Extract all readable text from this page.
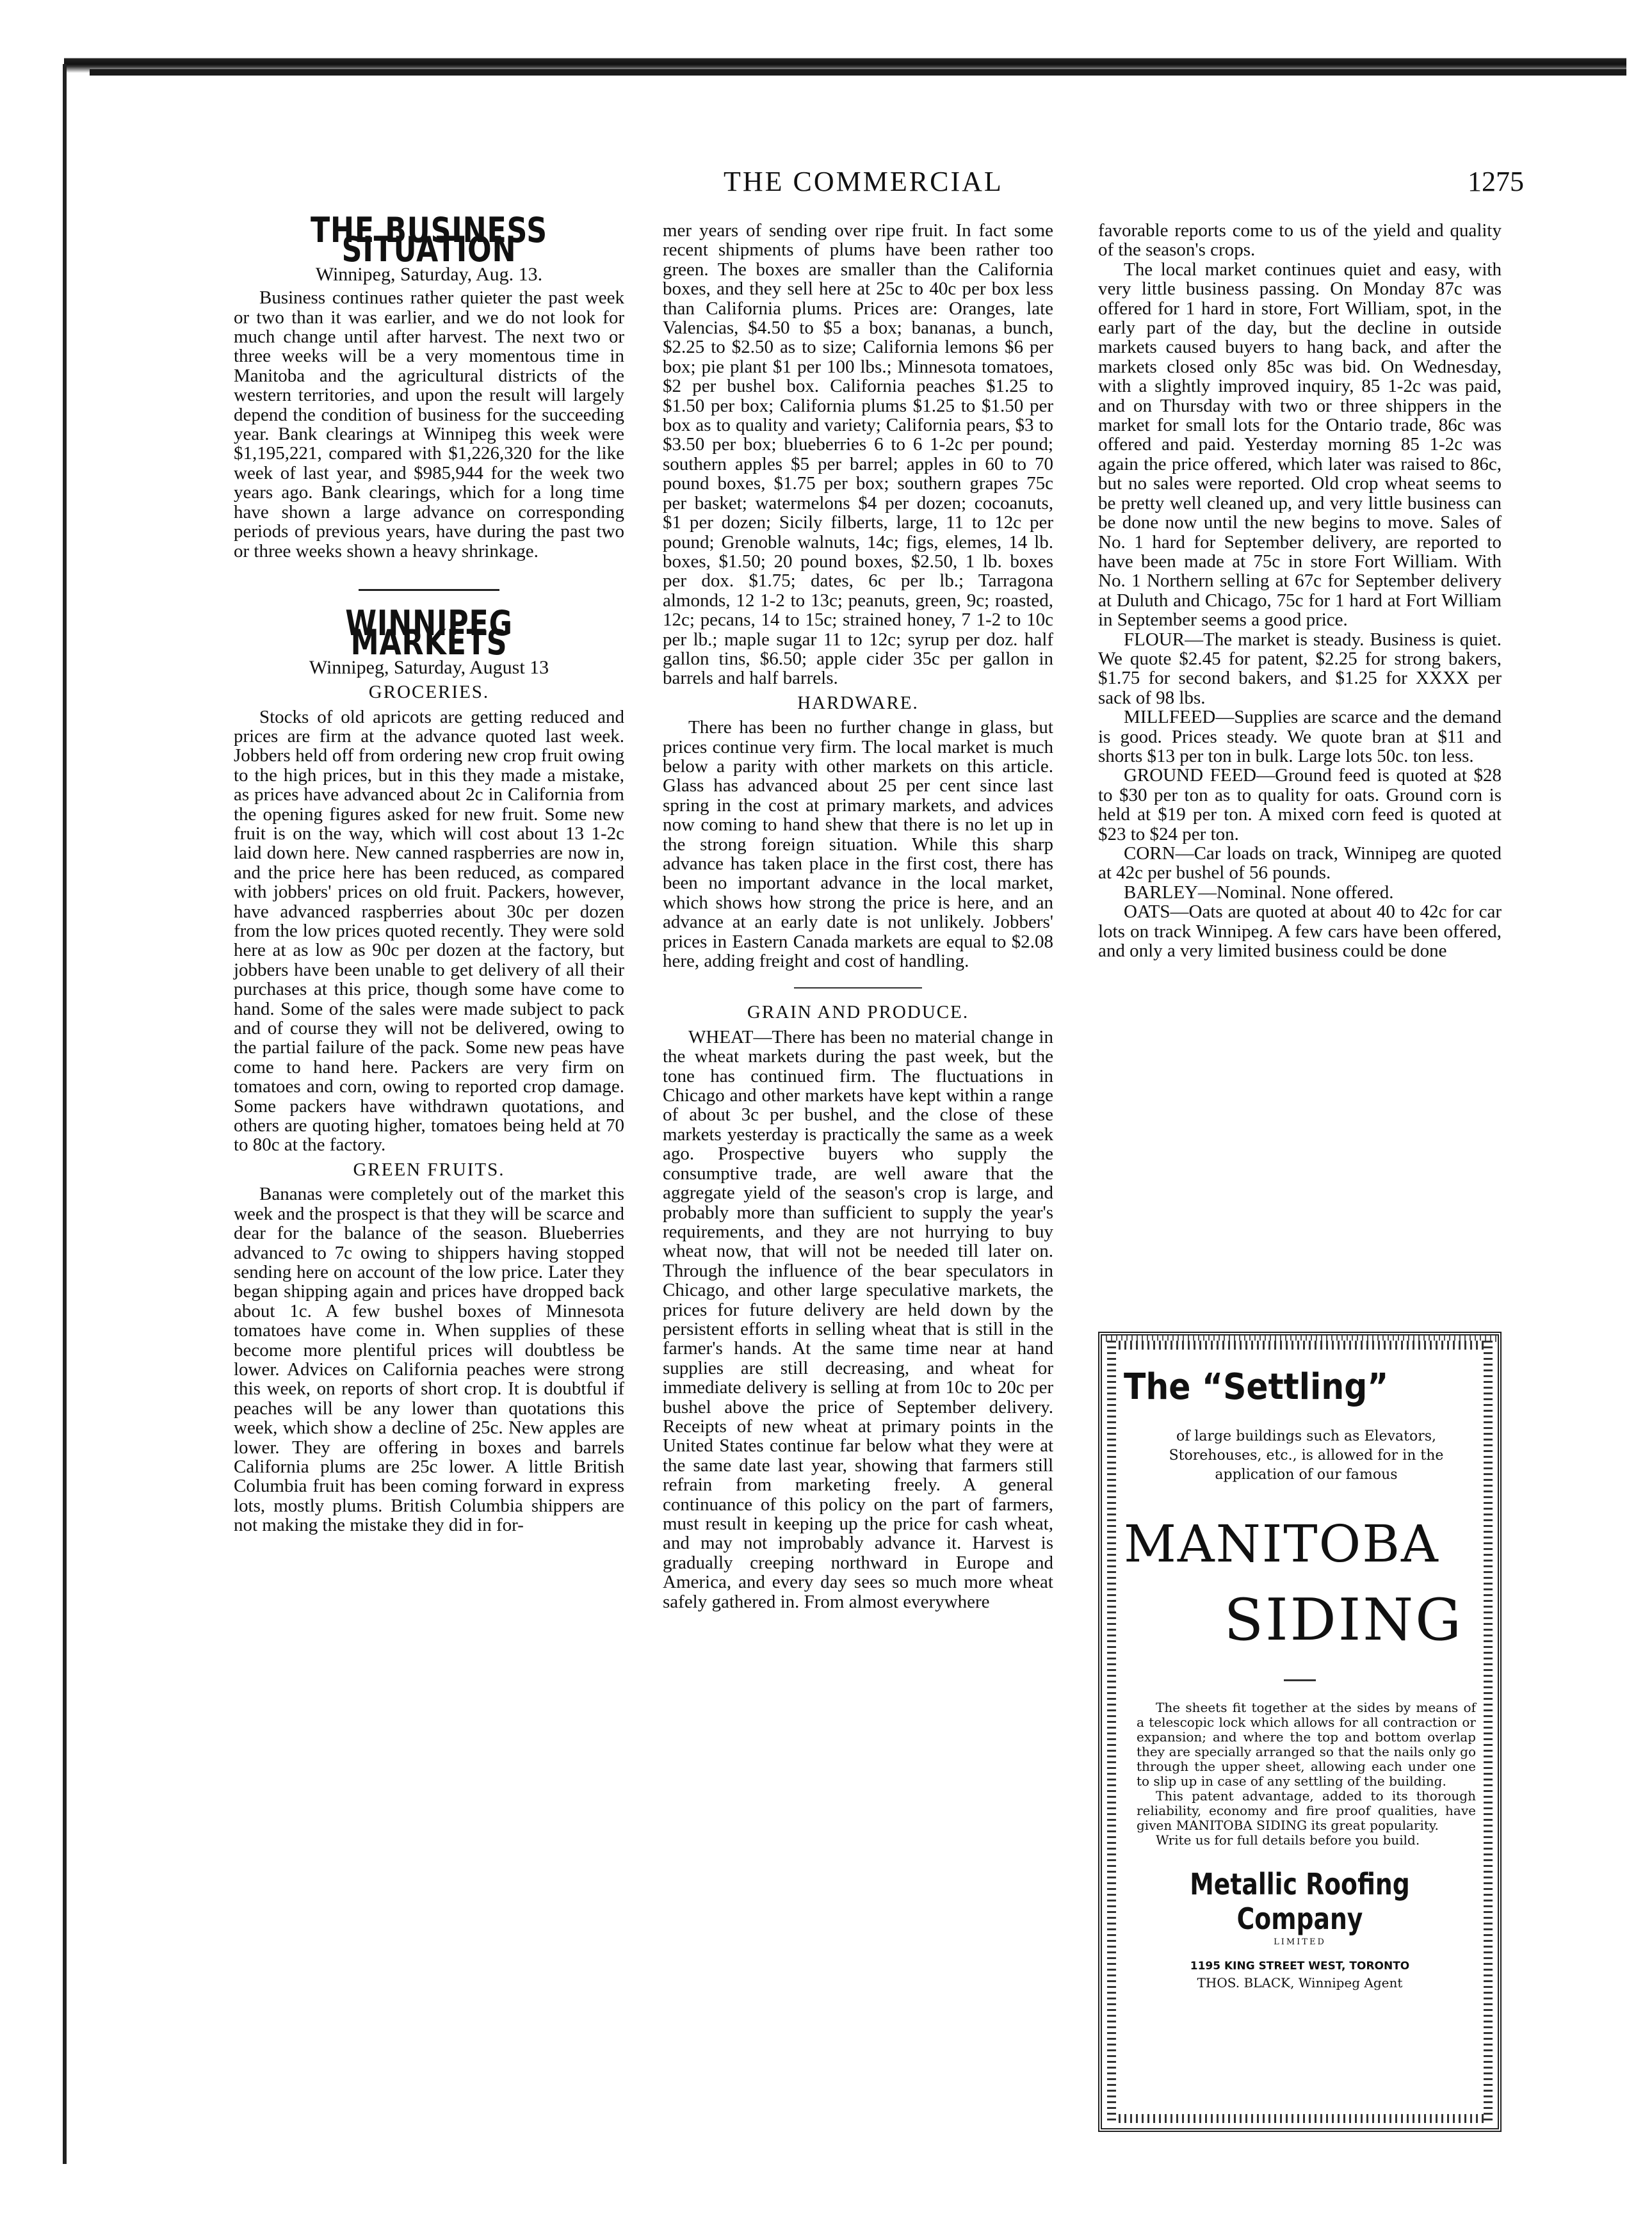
THE COMMERCIAL	1275
THE BUSINESS SITUATION
Winnipeg, Saturday, Aug. 13.

Business continues rather quieter the past week or two than it was earlier, and we do not look for much change until after harvest. The next two or three weeks will be a very momentous time in Manitoba and the agricultural districts of the western territories, and upon the result will largely depend the condition of business for the succeeding year. Bank clearings at Winnipeg this week were $1,195,221, compared with $1,226,320 for the like week of last year, and $985,944 for the week two years ago. Bank clearings, which for a long time have shown a large advance on corresponding periods of previous years, have during the past two or three weeks shown a heavy shrinkage.

WINNIPEG MARKETS
Winnipeg, Saturday, August 13
GROCERIES.

Stocks of old apricots are getting reduced and prices are firm at the advance quoted last week. Jobbers held off from ordering new crop fruit owing to the high prices, but in this they made a mistake, as prices have advanced about 2c in California from the opening figures asked for new fruit. Some new fruit is on the way, which will cost about 13 1-2c laid down here. New canned raspberries are now in, and the price here has been reduced, as compared with jobbers' prices on old fruit. Packers, however, have advanced raspberries about 30c per dozen from the low prices quoted recently. They were sold here at as low as 90c per dozen at the factory, but jobbers have been unable to get delivery of all their purchases at this price, though some have come to hand. Some of the sales were made subject to pack and of course they will not be delivered, owing to the partial failure of the pack. Some new peas have come to hand here. Packers are very firm on tomatoes and corn, owing to reported crop damage. Some packers have withdrawn quotations, and others are quoting higher, tomatoes being held at 70 to 80c at the factory.

GREEN FRUITS.

Bananas were completely out of the market this week and the prospect is that they will be scarce and dear for the balance of the season. Blueberries advanced to 7c owing to shippers having stopped sending here on account of the low price. Later they began shipping again and prices have dropped back about 1c. A few bushel boxes of Minnesota tomatoes have come in. When supplies of these become more plentiful prices will doubtless be lower. Advices on California peaches were strong this week, on reports of short crop. It is doubtful if peaches will be any lower than quotations this week, which show a decline of 25c. New apples are lower. They are offering in boxes and barrels California plums are 25c lower. A little British Columbia fruit has been coming forward in express lots, mostly plums. British Columbia shippers are not making the mistake they did in for-

mer years of sending over ripe fruit. In fact some recent shipments of plums have been rather too green. The boxes are smaller than the California boxes, and they sell here at 25c to 40c per box less than California plums. Prices are: Oranges, late Valencias, $4.50 to $5 a box; bananas, a bunch, $2.25 to $2.50 as to size; California lemons $6 per box; pie plant $1 per 100 lbs.; Minnesota tomatoes, $2 per bushel box. California peaches $1.25 to $1.50 per box; California plums $1.25 to $1.50 per box as to quality and variety; California pears, $3 to $3.50 per box; blueberries 6 to 6 1-2c per pound; southern apples $5 per barrel; apples in 60 to 70 pound boxes, $1.75 per box; southern grapes 75c per basket; watermelons $4 per dozen; cocoanuts, $1 per dozen; Sicily filberts, large, 11 to 12c per pound; Grenoble walnuts, 14c; figs, elemes, 14 lb. boxes, $1.50; 20 pound boxes, $2.50, 1 lb. boxes per dox. $1.75; dates, 6c per lb.; Tarragona almonds, 12 1-2 to 13c; peanuts, green, 9c; roasted, 12c; pecans, 14 to 15c; strained honey, 7 1-2 to 10c per lb.; maple sugar 11 to 12c; syrup per doz. half gallon tins, $6.50; apple cider 35c per gallon in barrels and half barrels.

HARDWARE.

There has been no further change in glass, but prices continue very firm. The local market is much below a parity with other markets on this article. Glass has advanced about 25 per cent since last spring in the cost at primary markets, and advices now coming to hand shew that there is no let up in the strong foreign situation. While this sharp advance has taken place in the first cost, there has been no important advance in the local market, which shows how strong the price is here, and an advance at an early date is not unlikely. Jobbers' prices in Eastern Canada markets are equal to $2.08 here, adding freight and cost of handling.

GRAIN AND PRODUCE.

WHEAT—There has been no material change in the wheat markets during the past week, but the tone has continued firm. The fluctuations in Chicago and other markets have kept within a range of about 3c per bushel, and the close of these markets yesterday is practically the same as a week ago. Prospective buyers who supply the consumptive trade, are well aware that the aggregate yield of the season's crop is large, and probably more than sufficient to supply the year's requirements, and they are not hurrying to buy wheat now, that will not be needed till later on. Through the influence of the bear speculators in Chicago, and other large speculative markets, the prices for future delivery are held down by the persistent efforts in selling wheat that is still in the farmer's hands. At the same time near at hand supplies are still decreasing, and wheat for immediate delivery is selling at from 10c to 20c per bushel above the price of September delivery. Receipts of new wheat at primary points in the United States continue far below what they were at the same date last year, showing that farmers still refrain from marketing freely. A general continuance of this policy on the part of farmers, must result in keeping up the price for cash wheat, and may not improbably advance it. Harvest is gradually creeping northward in Europe and America, and every day sees so much more wheat safely gathered in. From almost everywhere

favorable reports come to us of the yield and quality of the season's crops.

The local market continues quiet and easy, with very little business passing. On Monday 87c was offered for 1 hard in store, Fort William, spot, in the early part of the day, but the decline in outside markets caused buyers to hang back, and after the markets closed only 85c was bid. On Wednesday, with a slightly improved inquiry, 85 1-2c was paid, and on Thursday with two or three shippers in the market for small lots for the Ontario trade, 86c was offered and paid. Yesterday morning 85 1-2c was again the price offered, which later was raised to 86c, but no sales were reported. Old crop wheat seems to be pretty well cleaned up, and very little business can be done now until the new begins to move. Sales of No. 1 hard for September delivery, are reported to have been made at 75c in store Fort William. With No. 1 Northern selling at 67c for September delivery at Duluth and Chicago, 75c for 1 hard at Fort William in September seems a good price.

FLOUR—The market is steady. Business is quiet. We quote $2.45 for patent, $2.25 for strong bakers, $1.75 for second bakers, and $1.25 for XXXX per sack of 98 lbs.

MILLFEED—Supplies are scarce and the demand is good. Prices steady. We quote bran at $11 and shorts $13 per ton in bulk. Large lots 50c. ton less.

GROUND FEED—Ground feed is quoted at $28 to $30 per ton as to quality for oats. Ground corn is held at $19 per ton. A mixed corn feed is quoted at $23 to $24 per ton.

CORN—Car loads on track, Winnipeg are quoted at 42c per bushel of 56 pounds.

BARLEY—Nominal. None offered.

OATS—Oats are quoted at about 40 to 42c for car lots on track Winnipeg. A few cars have been offered, and only a very limited business could be done

The “Settling”
of large buildings such as Elevators, Storehouses, etc., is allowed for in the application of our famous
MANITOBA
SIDING

The sheets fit together at the sides by means of a telescopic lock which allows for all contraction or expansion; and where the top and bottom overlap they are specially arranged so that the nails only go through the upper sheet, allowing each under one to slip up in case of any settling of the building.

This patent advantage, added to its thorough reliability, economy and fire proof qualities, have given MANITOBA SIDING its great popularity.

Write us for full details before you build.

Metallic Roofing Company
LIMITED
1195 KING STREET WEST, TORONTO
THOS. BLACK, Winnipeg Agent
